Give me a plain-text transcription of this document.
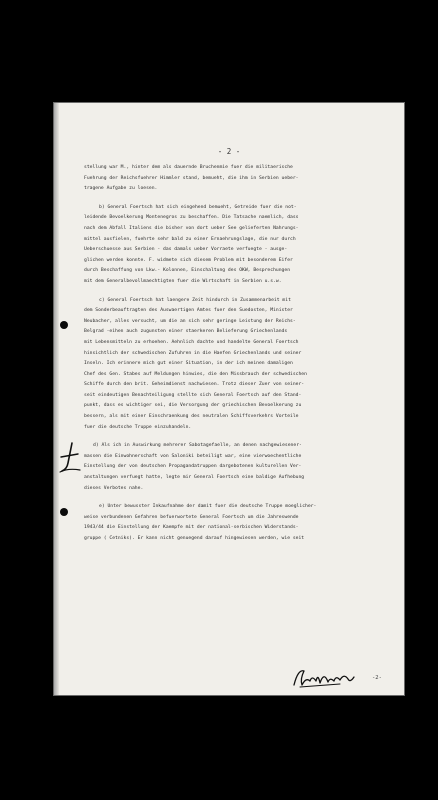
- 2 -

stellung war M., hinter dem als dauernde Bruchenmie fuer die militaerische

Fuehrung der Reichsfuehrer Himmler stand, bemueht, die ihm in Serbien ueber-

tragene Aufgabe zu loesen.

b) General Foertsch hat sich eingehend bemueht, Getreide fuer die not-

leidende Bevoelkerung Montenegros zu beschaffen. Die Tatsache naemlich, dass

nach dem Abfall Italiens die bisher von dort ueber See gelieferten Nahrungs-

mittel ausfielen, fuehrte sehr bald zu einer Ernaehrungslage, die nur durch

Ueberschuesse aus Serbien - das damals ueber Vorraete verfuegte - ausge-

glichen werden konnte. F. widmete sich diesem Problem mit besonderem Eifer

durch Beschaffung von Lkw.- Kolonnen, Einschaltung des OKW, Besprechungen

mit dem Generalbevollmaechtigten fuer die Wirtschaft in Serbien u.s.w.

c) General Foertsch hat laengere Zeit hindurch in Zusammenarbeit mit

dem Sonderbeauftragten des Auswaertigen Amtes fuer den Suedosten, Minister

Neubacher, alles versucht, um die an sich sehr geringe Leistung der Reichs-

Belgrad -eihen auch zugunsten einer staerkeren Belieferung Griechenlands

mit Lebensmitteln zu erhoehen. Aehnlich dachte und handelte General Foertsch

hinsichtlich der schwedischen Zufuhren in die Haefen Griechenlands und seiner

Inseln. Ich erinnere mich gut einer Situation, in der ich meinen damaligen

Chef des Gen. Stabes auf Meldungen hinwies, die den Missbrauch der schwedischen

Schiffe durch den brit. Geheimdienst nachwiesen. Trotz dieser Zuer von seiner-

seit eindeutigen Benachteiligung stellte sich General Foertsch auf den Stand-

punkt, dass es wichtiger sei, die Versorgung der griechischen Bevoelkerung zu

bessern, als mit einer Einschraenkung des neutralen Schiffsverkehrs Vorteile

fuer die deutsche Truppe einzuhandeln.

d) Als ich in Auswirkung mehrerer Sabotagefaelle, an denen nachgewiesener-

massen die Einwohnerschaft von Saloniki beteiligt war, eine vierwoechentliche

Einstellung der von deutschen Propagandatruppen dargebotenen kulturellen Ver-

anstaltungen verfuegt hatte, legte mir General Foertsch eine baldige Aufhebung

dieses Verbotes nahe.

e) Unter bewusster Inkaufnahme der damit fuer die deutsche Truppe moeglicher-

weise verbundenen Gefahren befuerwortete General Foertsch um die Jahreswende

1943/44 die Einstellung der Kaempfe mit der national-serbischen Widerstands-

gruppe ( Cetniks). Er kann nicht genuegend darauf hingewiesen werden, wie seit

-2-
